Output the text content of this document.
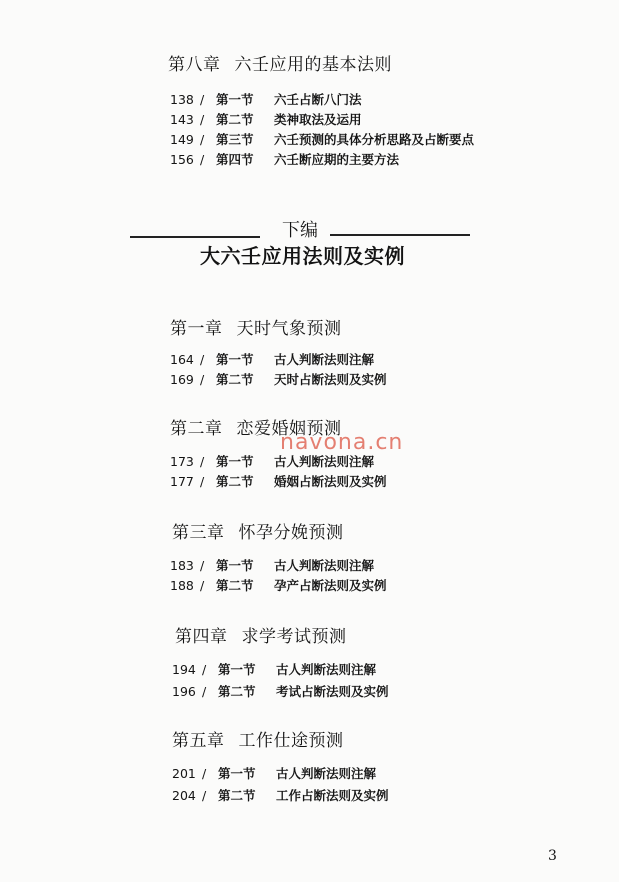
第八章 六壬应用的基本法则
138 / 第一节 六壬占断八门法
143 / 第二节 类神取法及运用
149 / 第三节 六壬预测的具体分析思路及占断要点
156 / 第四节 六壬断应期的主要方法
下编
大六壬应用法则及实例
第一章 天时气象预测
164 / 第一节 古人判断法则注解
169 / 第二节 天时占断法则及实例
第二章 恋爱婚姻预测
173 / 第一节 古人判断法则注解
177 / 第二节 婚姻占断法则及实例
navona.cn
第三章 怀孕分娩预测
183 / 第一节 古人判断法则注解
188 / 第二节 孕产占断法则及实例
第四章 求学考试预测
194 / 第一节 古人判断法则注解
196 / 第二节 考试占断法则及实例
第五章 工作仕途预测
201 / 第一节 古人判断法则注解
204 / 第二节 工作占断法则及实例
3
